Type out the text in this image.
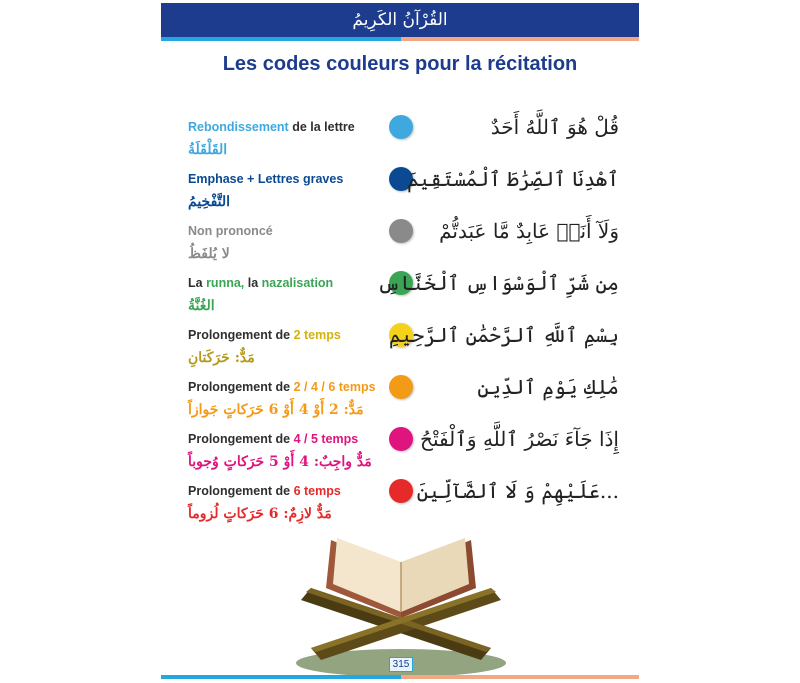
القُرْآنُ الكَرِيمُ
Les codes couleurs pour la récitation
Rebondissement de la lettre
القَلْقَلَةُ
Emphase + Lettres graves
التَّفْخِيمُ
Non prononcé
لا يُلفَظُ
La runna, la nazalisation
الغُنَّةُ
Prolongement de 2 temps
مَدٌّ: حَرَكَتانِ
Prolongement de 2 / 4 / 6 temps
مَدٌّ: 2 أَوْ 4 أَوْ 6 حَرَكاتٍ جَوازاً
Prolongement de 4 / 5 temps
مَدٌّ واجِبٌ: 4 أَوْ 5 حَرَكاتٍ وُجوباً
Prolongement de 6 temps
مَدٌّ لازِمٌ: 6 حَرَكاتٍ لُزوماً
قُلْ هُوَ ٱللَّهُ أَحَدٌ
ٱهْدِنَا ٱلصِّرَٰطَ ٱلْمُسْتَقِيمَ
وَلَآ أَنَا۠ عَابِدٌ مَّا عَبَدتُّمْ
مِن شَرِّ ٱلْوَسْوَاسِ ٱلْخَنَّاسِ
بِسْمِ ٱللَّهِ ٱلرَّحْمَٰنِ ٱلرَّحِيمِ
مَٰلِكِ يَوْمِ ٱلدِّينِ
إِذَا جَآءَ نَصْرُ ٱللَّهِ وَٱلْفَتْحُ
...عَلَيْهِمْ وَ لَا ٱلضَّآلِّينَ
315
